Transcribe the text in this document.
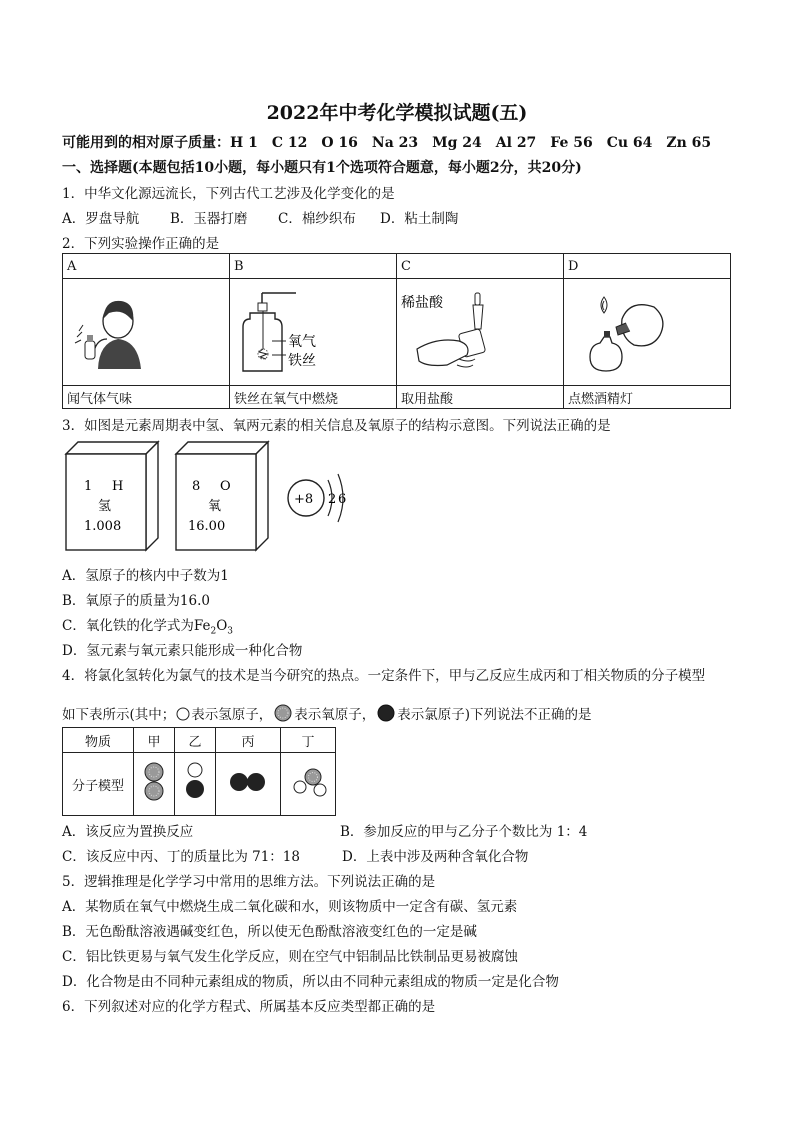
2022年中考化学模拟试题(五)
可能用到的相对原子质量：H 1　C 12　O 16　Na 23　Mg 24　Al 27　Fe 56　Cu 64　Zn 65
一、选择题(本题包括10小题，每小题只有1个选项符合题意，每小题2分，共20分)
1．中华文化源远流长，下列古代工艺涉及化学变化的是
A．罗盘导航 B．玉器打磨 C．棉纱织布 D．粘土制陶
2．下列实验操作正确的是
A	B	C	D

氧气
铁丝	稀盐酸

闻气体气味	铁丝在氧气中燃烧	取用盐酸	点燃酒精灯
3．如图是元素周期表中氢、氧两元素的相关信息及氧原子的结构示意图。下列说法正确的是
1 H
氢
1.008
8 O
氧
16.00
+8 2 6
A．氢原子的核内中子数为1
B．氧原子的质量为16.0
C．氧化铁的化学式为$Fe_2O_3$
D．氢元素与氧元素只能形成一种化合物
4．将氯化氢转化为氯气的技术是当今研究的热点。一定条件下，甲与乙反应生成丙和丁相关物质的分子模型
如下表所示(其中； 表示氢原子， 表示氧原子， 表示氯原子)下列说法不正确的是
物质	甲	乙	丙	丁
分子模型				
A．该反应为置换反应	B．参加反应的甲与乙分子个数比为 1：4
C．该反应中丙、丁的质量比为 71：18	D．上表中涉及两种含氧化合物
5．逻辑推理是化学学习中常用的思维方法。下列说法正确的是
A．某物质在氧气中燃烧生成二氧化碳和水，则该物质中一定含有碳、氢元素
B．无色酚酞溶液遇碱变红色，所以使无色酚酞溶液变红色的一定是碱
C．铝比铁更易与氧气发生化学反应，则在空气中铝制品比铁制品更易被腐蚀
D．化合物是由不同种元素组成的物质，所以由不同种元素组成的物质一定是化合物
6．下列叙述对应的化学方程式、所属基本反应类型都正确的是
